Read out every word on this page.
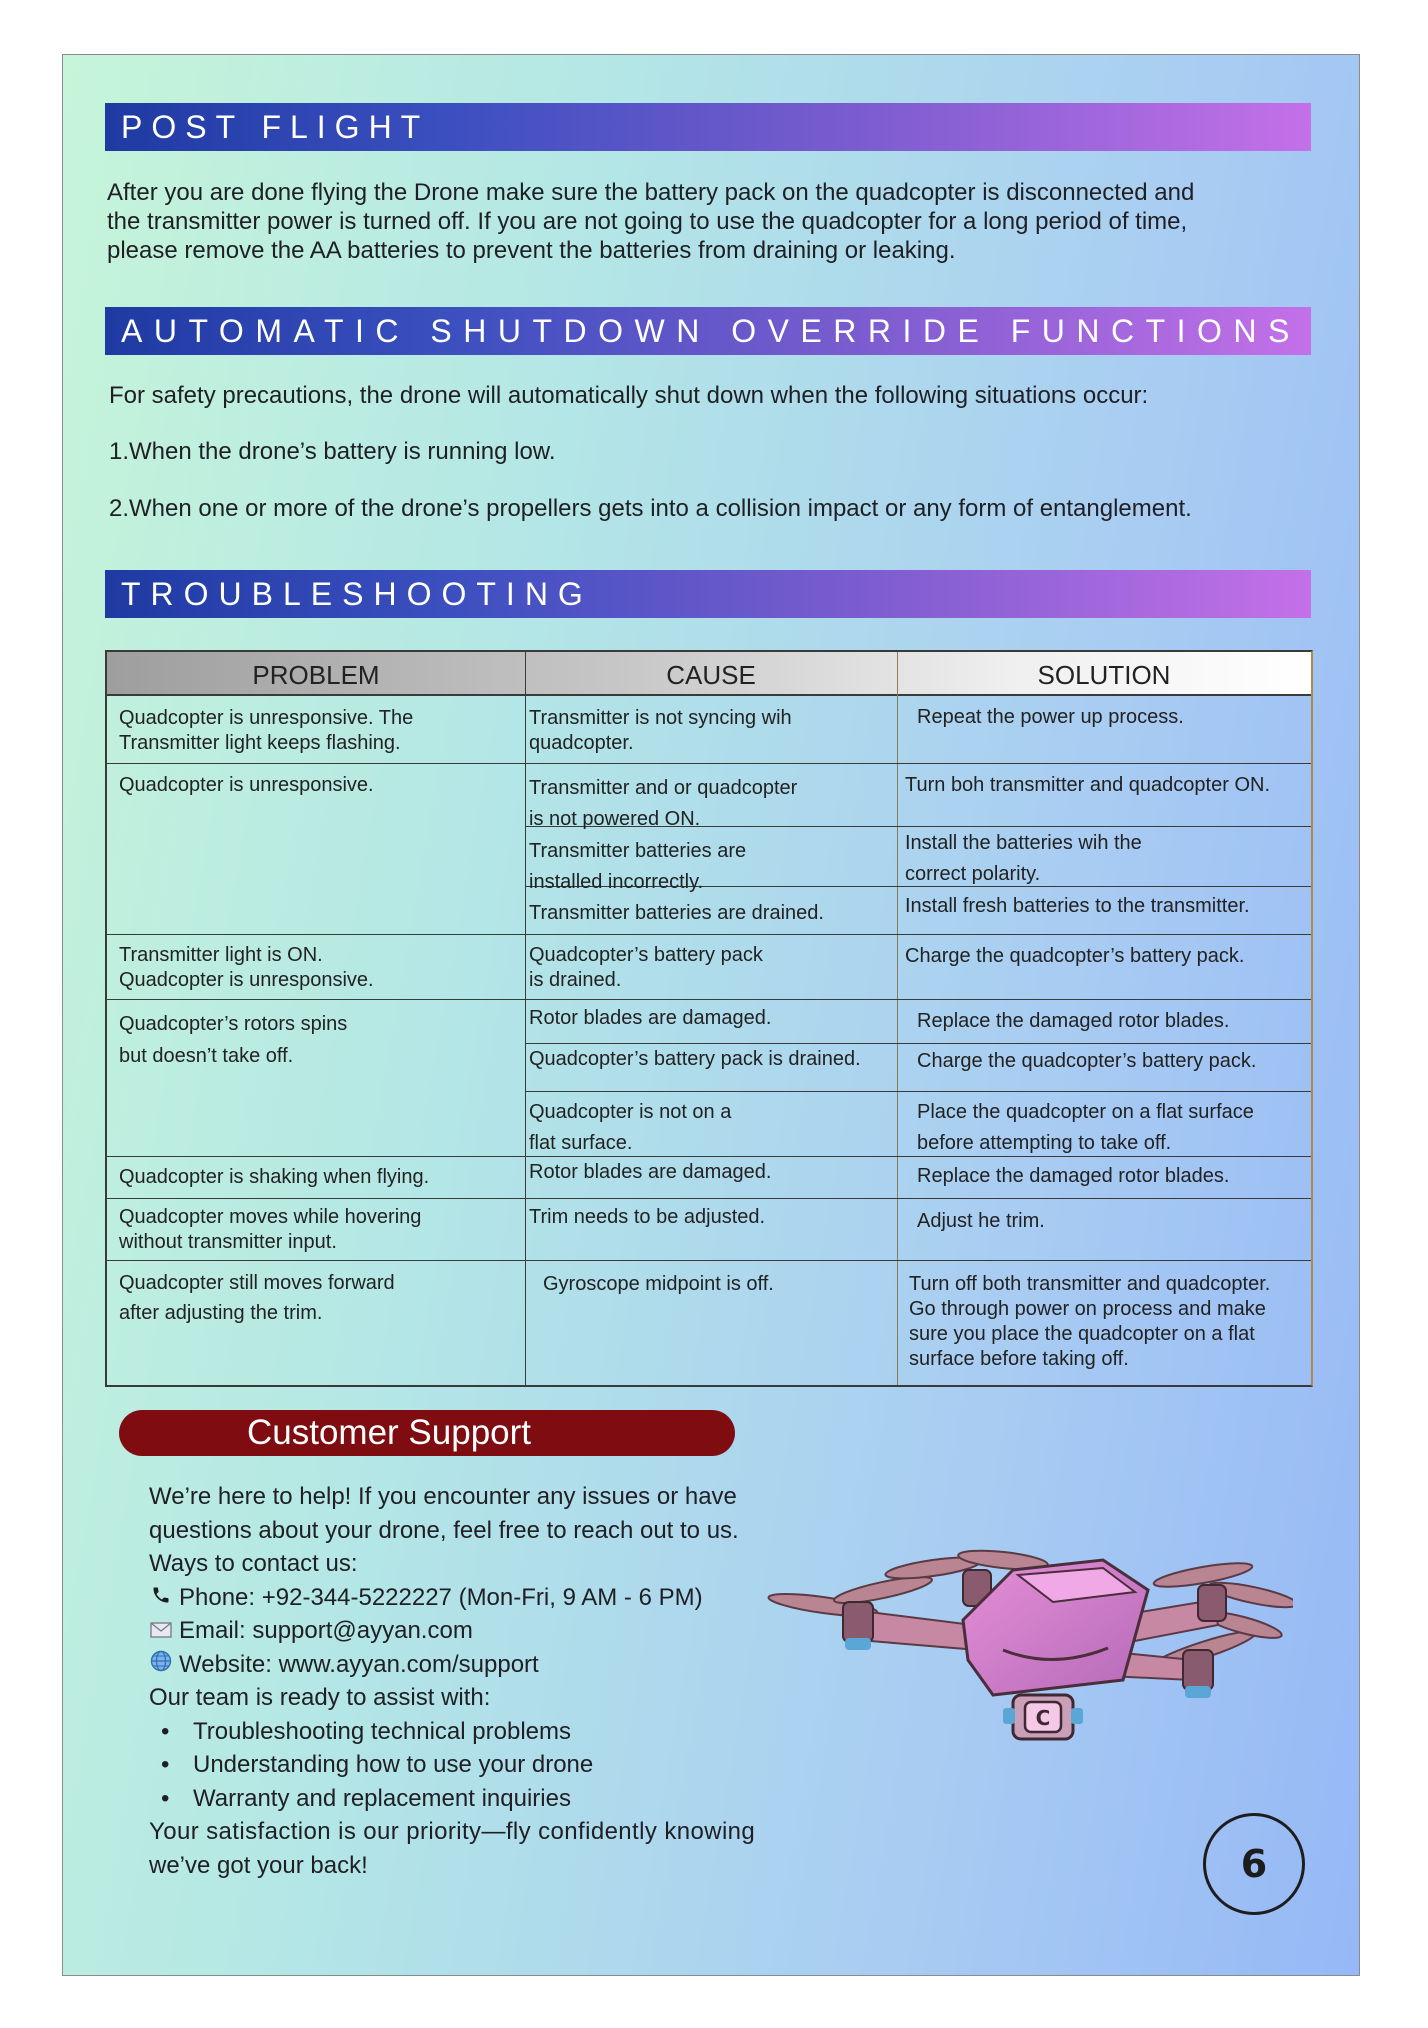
POST FLIGHT

After you are done flying the Drone make sure the battery pack on the quadcopter is disconnected and

the transmitter power is turned off. If you are not going to use the quadcopter for a long period of time,

please remove the AA batteries to prevent the batteries from draining or leaking.

AUTOMATIC SHUTDOWN OVERRIDE FUNCTIONS
For safety precautions, the drone will automatically shut down when the following situations occur:
1.When the drone’s battery is running low.
2.When one or more of the drone’s propellers gets into a collision impact or any form of entanglement.
TROUBLESHOOTING
PROBLEM	CAUSE	SOLUTION
Quadcopter is unresponsive. The
Transmitter light keeps flashing.
Quadcopter is unresponsive.
Transmitter light is ON.
Quadcopter is unresponsive.
Quadcopter’s rotors spins
but doesn’t take off.
Quadcopter is shaking when flying.
Quadcopter moves while hovering
without transmitter input.
Quadcopter still moves forward
after adjusting the trim.
Transmitter is not syncing wih
quadcopter.
Transmitter and or quadcopter
is not powered ON.
Transmitter batteries are
installed incorrectly.
Transmitter batteries are drained.
Quadcopter’s battery pack
is drained.
Rotor blades are damaged.
Quadcopter’s battery pack is drained.
Quadcopter is not on a
flat surface.
Rotor blades are damaged.
Trim needs to be adjusted.
Gyroscope midpoint is off.
Repeat the power up process.
Turn boh transmitter and quadcopter ON.
Install the batteries wih the
correct polarity.
Install fresh batteries to the transmitter.
Charge the quadcopter’s battery pack.
Replace the damaged rotor blades.
Charge the quadcopter’s battery pack.
Place the quadcopter on a flat surface
before attempting to take off.
Replace the damaged rotor blades.
Adjust he trim.
Turn off both transmitter and quadcopter.
Go through power on process and make
sure you place the quadcopter on a flat
surface before taking off.
Customer Support
We’re here to help! If you encounter any issues or have
questions about your drone, feel free to reach out to us.
Ways to contact us:
Phone: +92-344-5222227 (Mon-Fri, 9 AM - 6 PM)
Email: support@ayyan.com
Website: www.ayyan.com/support
Our team is ready to assist with:
• Troubleshooting technical problems
• Understanding how to use your drone
• Warranty and replacement inquiries
Your satisfaction is our priority—fly confidently knowing
we’ve got your back!
C
6
